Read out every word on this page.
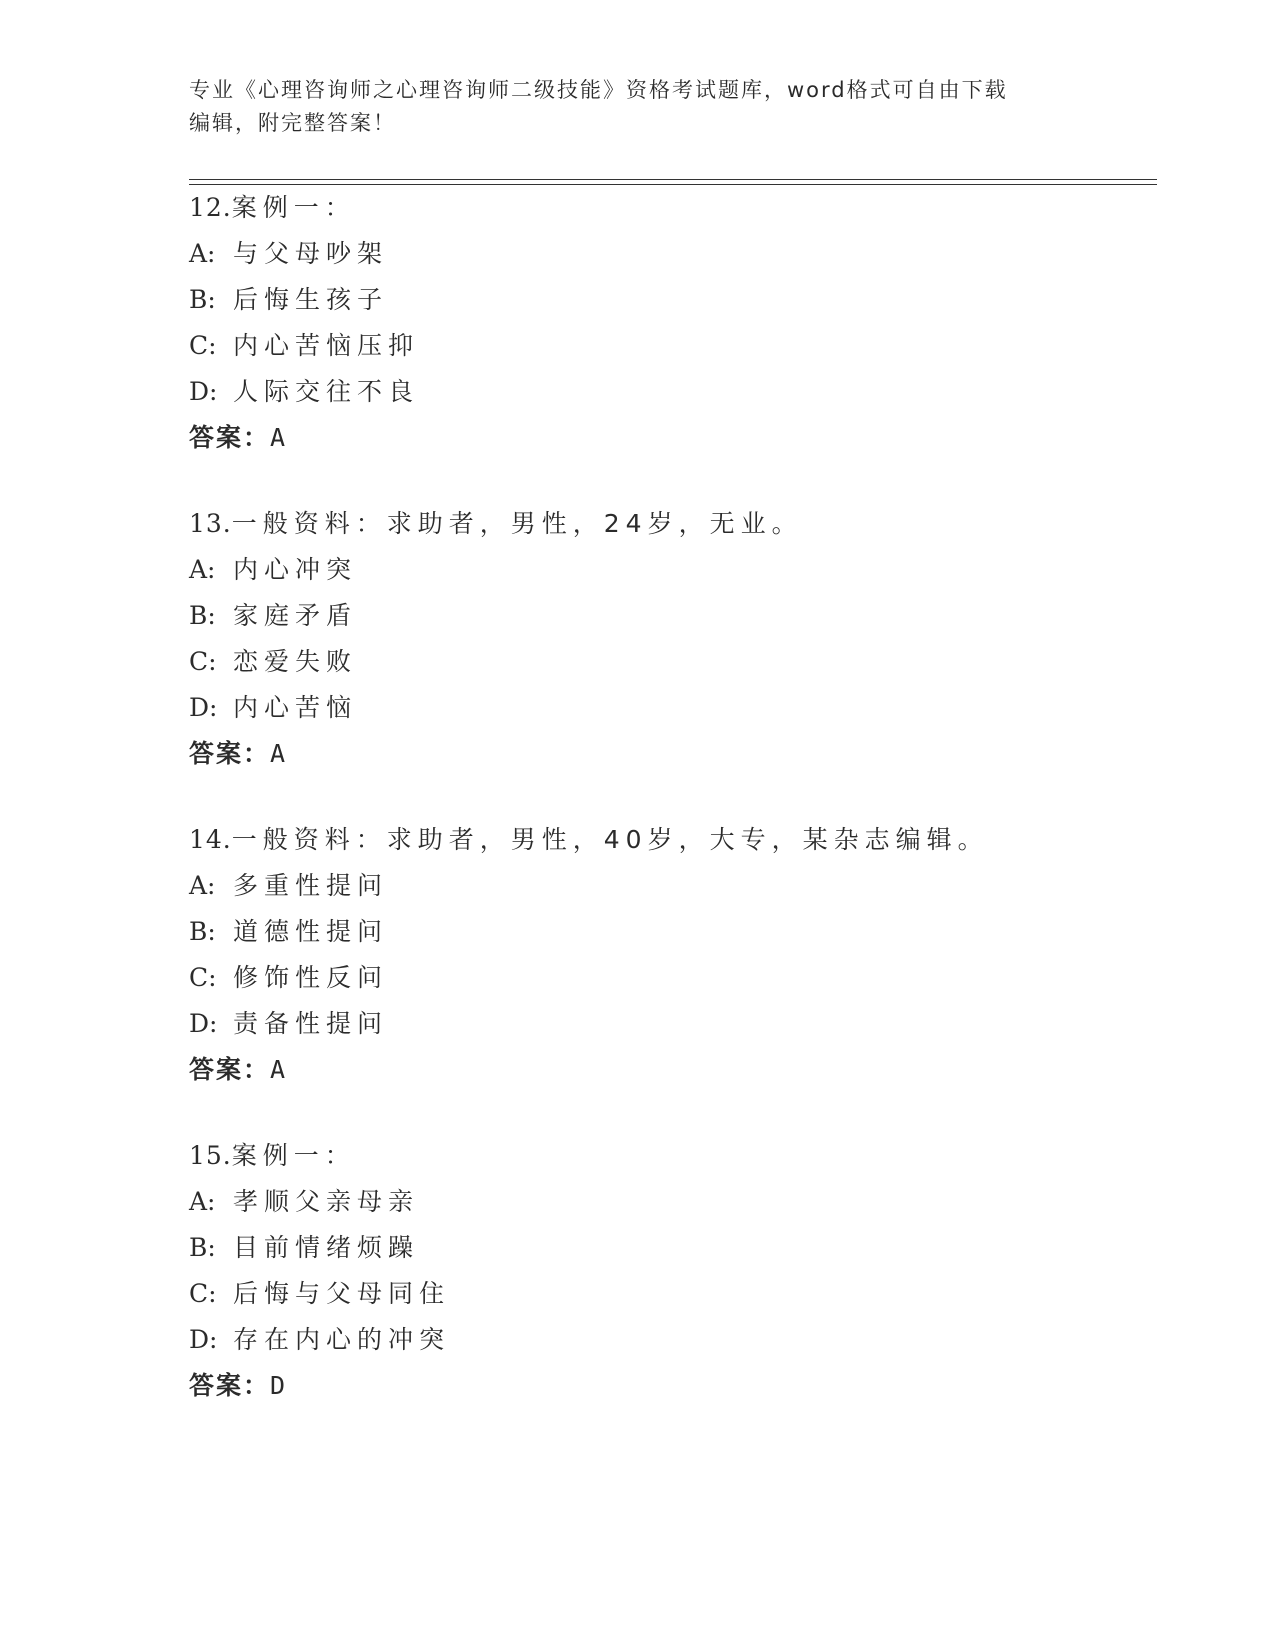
专业《心理咨询师之心理咨询师二级技能》资格考试题库，word格式可自由下载
编辑，附完整答案！
12.案例一：
A: 与父母吵架
B: 后悔生孩子
C: 内心苦恼压抑
D: 人际交往不良
答案：A
13.一般资料：求助者，男性，24岁，无业。
A: 内心冲突
B: 家庭矛盾
C: 恋爱失败
D: 内心苦恼
答案：A
14.一般资料：求助者，男性，40岁，大专，某杂志编辑。
A: 多重性提问
B: 道德性提问
C: 修饰性反问
D: 责备性提问
答案：A
15.案例一：
A: 孝顺父亲母亲
B: 目前情绪烦躁
C: 后悔与父母同住
D: 存在内心的冲突
答案：D
